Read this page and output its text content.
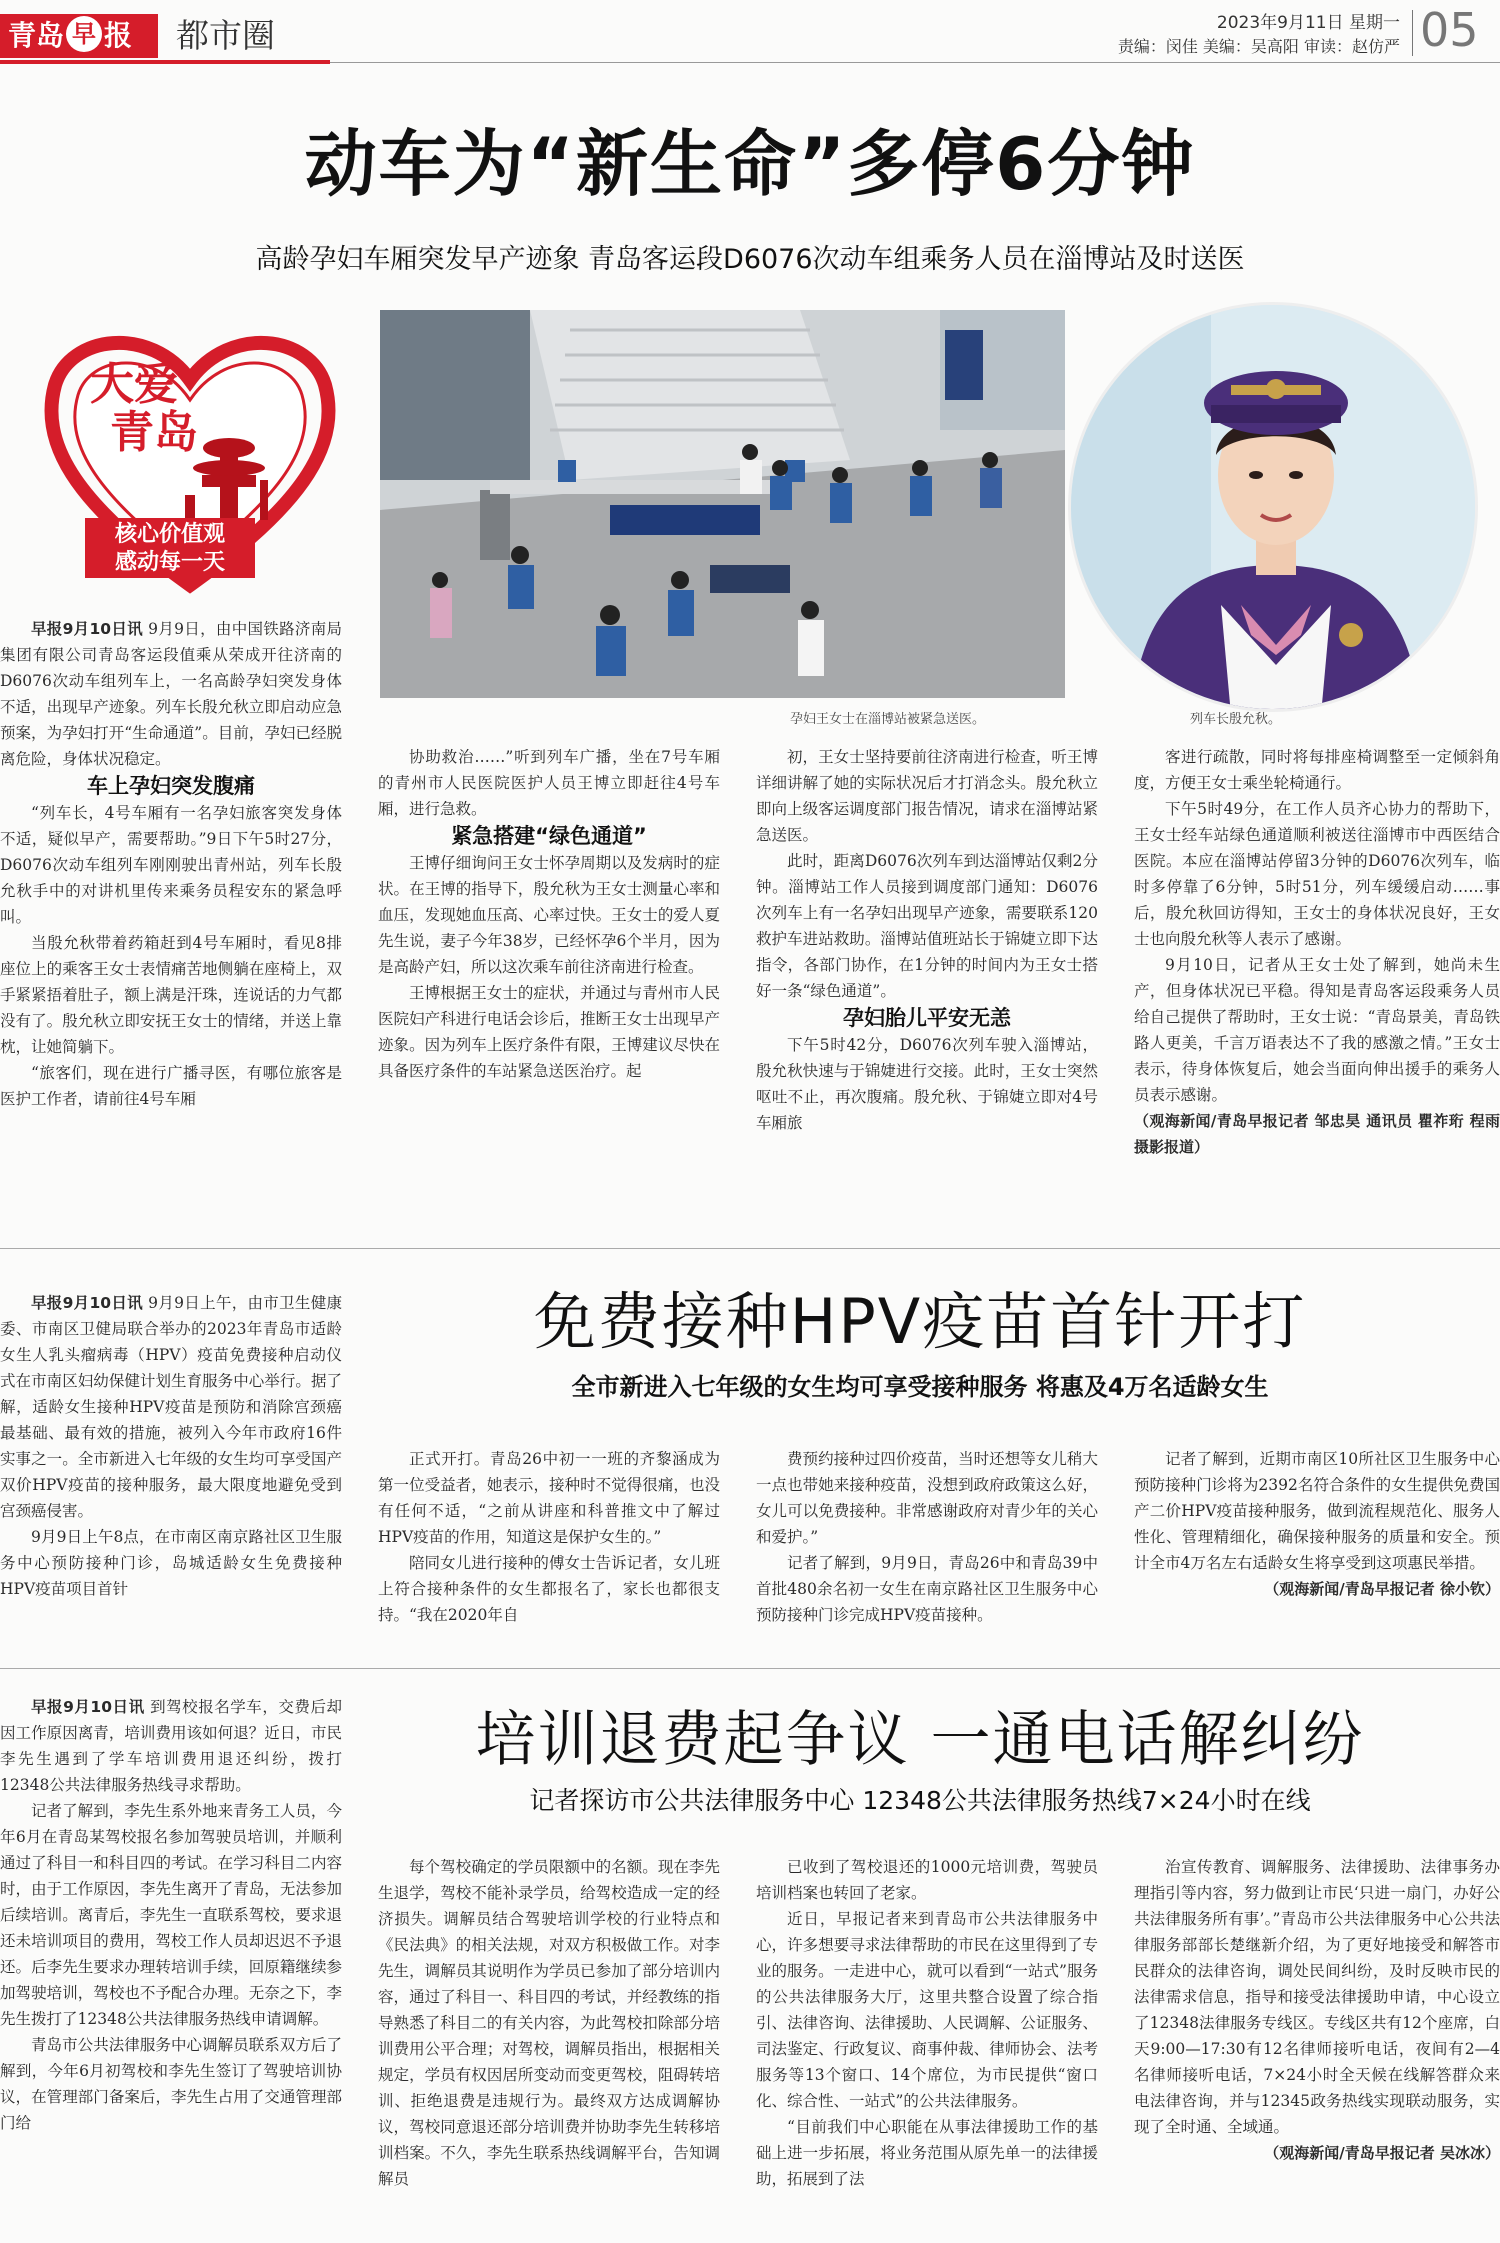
青岛 早 报	都市圈	2023年9月11日 星期一
责编：闵佳 美编：吴高阳 审读：赵仿严 05
动车为“新生命”多停6分钟
高龄孕妇车厢突发早产迹象 青岛客运段D6076次动车组乘务人员在淄博站及时送医
大爱
青岛
核心价值观
感动每一天
孕妇王女士在淄博站被紧急送医。	列车长殷允秋。

早报9月10日讯 9月9日，由中国铁路济南局集团有限公司青岛客运段值乘从荣成开往济南的D6076次动车组列车上，一名高龄孕妇突发身体不适，出现早产迹象。列车长殷允秋立即启动应急预案，为孕妇打开“生命通道”。目前，孕妇已经脱离危险，身体状况稳定。

车上孕妇突发腹痛

“列车长，4号车厢有一名孕妇旅客突发身体不适，疑似早产，需要帮助。”9日下午5时27分，D6076次动车组列车刚刚驶出青州站，列车长殷允秋手中的对讲机里传来乘务员程安东的紧急呼叫。

当殷允秋带着药箱赶到4号车厢时，看见8排座位上的乘客王女士表情痛苦地侧躺在座椅上，双手紧紧捂着肚子，额上满是汗珠，连说话的力气都没有了。殷允秋立即安抚王女士的情绪，并送上靠枕，让她简躺下。

“旅客们，现在进行广播寻医，有哪位旅客是医护工作者，请前往4号车厢

协助救治……”听到列车广播，坐在7号车厢的青州市人民医院医护人员王博立即赶往4号车厢，进行急救。

紧急搭建“绿色通道”

王博仔细询问王女士怀孕周期以及发病时的症状。在王博的指导下，殷允秋为王女士测量心率和血压，发现她血压高、心率过快。王女士的爱人夏先生说，妻子今年38岁，已经怀孕6个半月，因为是高龄产妇，所以这次乘车前往济南进行检查。

王博根据王女士的症状，并通过与青州市人民医院妇产科进行电话会诊后，推断王女士出现早产迹象。因为列车上医疗条件有限，王博建议尽快在具备医疗条件的车站紧急送医治疗。起

初，王女士坚持要前往济南进行检查，听王博详细讲解了她的实际状况后才打消念头。殷允秋立即向上级客运调度部门报告情况，请求在淄博站紧急送医。

此时，距离D6076次列车到达淄博站仅剩2分钟。淄博站工作人员接到调度部门通知：D6076次列车上有一名孕妇出现早产迹象，需要联系120救护车进站救助。淄博站值班站长于锦婕立即下达指令，各部门协作，在1分钟的时间内为王女士搭好一条“绿色通道”。

孕妇胎儿平安无恙

下午5时42分，D6076次列车驶入淄博站，殷允秋快速与于锦婕进行交接。此时，王女士突然呕吐不止，再次腹痛。殷允秋、于锦婕立即对4号车厢旅

客进行疏散，同时将每排座椅调整至一定倾斜角度，方便王女士乘坐轮椅通行。

下午5时49分，在工作人员齐心协力的帮助下，王女士经车站绿色通道顺利被送往淄博市中西医结合医院。本应在淄博站停留3分钟的D6076次列车，临时多停靠了6分钟，5时51分，列车缓缓启动……事后，殷允秋回访得知，王女士的身体状况良好，王女士也向殷允秋等人表示了感谢。

9月10日，记者从王女士处了解到，她尚未生产，但身体状况已平稳。得知是青岛客运段乘务人员给自己提供了帮助时，王女士说：“青岛景美，青岛铁路人更美，千言万语表达不了我的感激之情。”王女士表示，待身体恢复后，她会当面向伸出援手的乘务人员表示感谢。

（观海新闻/青岛早报记者 邹忠昊 通讯员 瞿祚珩 程雨 摄影报道）

早报9月10日讯 9月9日上午，由市卫生健康委、市南区卫健局联合举办的2023年青岛市适龄女生人乳头瘤病毒（HPV）疫苗免费接种启动仪式在市南区妇幼保健计划生育服务中心举行。据了解，适龄女生接种HPV疫苗是预防和消除宫颈癌最基础、最有效的措施，被列入今年市政府16件实事之一。全市新进入七年级的女生均可享受国产双价HPV疫苗的接种服务，最大限度地避免受到宫颈癌侵害。

9月9日上午8点，在市南区南京路社区卫生服务中心预防接种门诊，岛城适龄女生免费接种HPV疫苗项目首针

免费接种HPV疫苗首针开打
全市新进入七年级的女生均可享受接种服务 将惠及4万名适龄女生

正式开打。青岛26中初一一班的齐黎涵成为第一位受益者，她表示，接种时不觉得很痛，也没有任何不适，“之前从讲座和科普推文中了解过HPV疫苗的作用，知道这是保护女生的。”

陪同女儿进行接种的傅女士告诉记者，女儿班上符合接种条件的女生都报名了，家长也都很支持。“我在2020年自

费预约接种过四价疫苗，当时还想等女儿稍大一点也带她来接种疫苗，没想到政府政策这么好，女儿可以免费接种。非常感谢政府对青少年的关心和爱护。”

记者了解到，9月9日，青岛26中和青岛39中首批480余名初一女生在南京路社区卫生服务中心预防接种门诊完成HPV疫苗接种。

记者了解到，近期市南区10所社区卫生服务中心预防接种门诊将为2392名符合条件的女生提供免费国产二价HPV疫苗接种服务，做到流程规范化、服务人性化、管理精细化，确保接种服务的质量和安全。预计全市4万名左右适龄女生将享受到这项惠民举措。

（观海新闻/青岛早报记者 徐小钦）

早报9月10日讯 到驾校报名学车，交费后却因工作原因离青，培训费用该如何退？近日，市民李先生遇到了学车培训费用退还纠纷，拨打12348公共法律服务热线寻求帮助。

记者了解到，李先生系外地来青务工人员，今年6月在青岛某驾校报名参加驾驶员培训，并顺利通过了科目一和科目四的考试。在学习科目二内容时，由于工作原因，李先生离开了青岛，无法参加后续培训。离青后，李先生一直联系驾校，要求退还未培训项目的费用，驾校工作人员却迟迟不予退还。后李先生要求办理转培训手续，回原籍继续参加驾驶培训，驾校也不予配合办理。无奈之下，李先生拨打了12348公共法律服务热线申请调解。

青岛市公共法律服务中心调解员联系双方后了解到，今年6月初驾校和李先生签订了驾驶培训协议，在管理部门备案后，李先生占用了交通管理部门给

培训退费起争议 一通电话解纠纷
记者探访市公共法律服务中心 12348公共法律服务热线7×24小时在线

每个驾校确定的学员限额中的名额。现在李先生退学，驾校不能补录学员，给驾校造成一定的经济损失。调解员结合驾驶培训学校的行业特点和《民法典》的相关法规，对双方积极做工作。对李先生，调解员其说明作为学员已参加了部分培训内容，通过了科目一、科目四的考试，并经教练的指导熟悉了科目二的有关内容，为此驾校扣除部分培训费用公平合理；对驾校，调解员指出，根据相关规定，学员有权因居所变动而变更驾校，阻碍转培训、拒绝退费是违规行为。最终双方达成调解协议，驾校同意退还部分培训费并协助李先生转移培训档案。不久，李先生联系热线调解平台，告知调解员

已收到了驾校退还的1000元培训费，驾驶员培训档案也转回了老家。

近日，早报记者来到青岛市公共法律服务中心，许多想要寻求法律帮助的市民在这里得到了专业的服务。一走进中心，就可以看到“一站式”服务的公共法律服务大厅，这里共整合设置了综合指引、法律咨询、法律援助、人民调解、公证服务、司法鉴定、行政复议、商事仲裁、律师协会、法考服务等13个窗口、14个席位，为市民提供“窗口化、综合性、一站式”的公共法律服务。

“目前我们中心职能在从事法律援助工作的基础上进一步拓展，将业务范围从原先单一的法律援助，拓展到了法

治宣传教育、调解服务、法律援助、法律事务办理指引等内容，努力做到让市民‘只进一扇门，办好公共法律服务所有事’。”青岛市公共法律服务中心公共法律服务部部长楚继新介绍，为了更好地接受和解答市民群众的法律咨询，调处民间纠纷，及时反映市民的法律需求信息，指导和接受法律援助申请，中心设立了12348法律服务专线区。专线区共有12个座席，白天9:00—17:30有12名律师接听电话，夜间有2—4名律师接听电话，7×24小时全天候在线解答群众来电法律咨询，并与12345政务热线实现联动服务，实现了全时通、全域通。

（观海新闻/青岛早报记者 吴冰冰）
